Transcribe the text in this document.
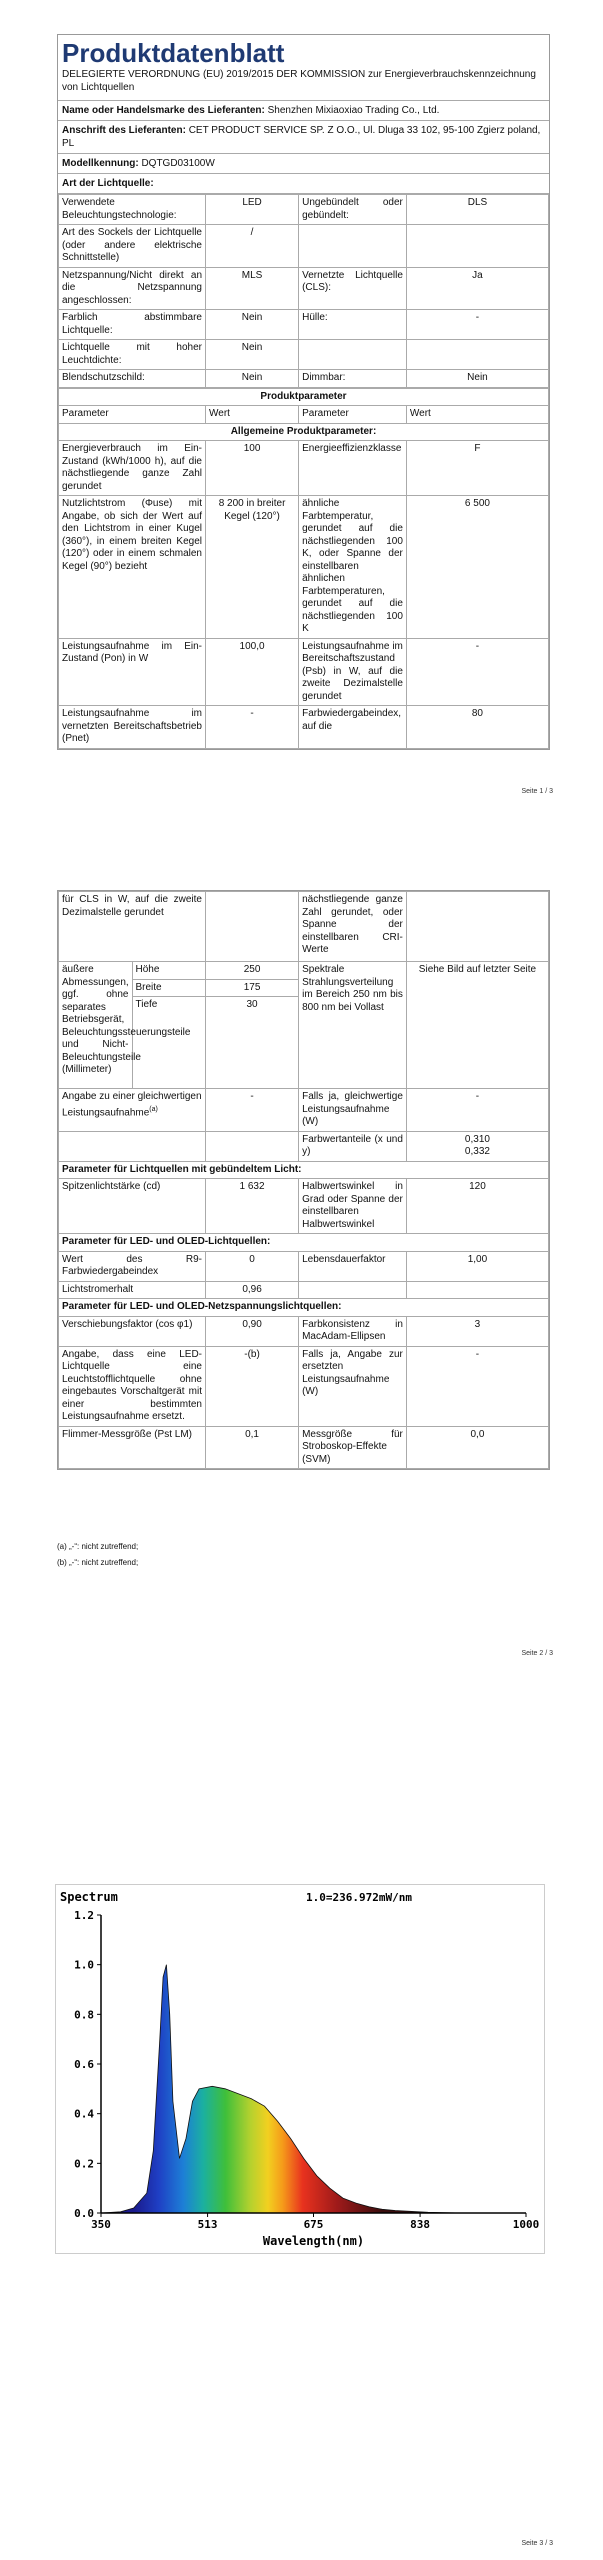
Produktdatenblatt
DELEGIERTE VERORDNUNG (EU) 2019/2015 DER KOMMISSION zur Energieverbrauchskennzeichnung von Lichtquellen
Name oder Handelsmarke des Lieferanten: Shenzhen Mixiaoxiao Trading Co., Ltd.
Anschrift des Lieferanten: CET PRODUCT SERVICE SP. Z O.O., Ul. Dluga 33 102, 95-100 Zgierz poland, PL
Modellkennung: DQTGD03100W
Art der Lichtquelle:
Verwendete Beleuchtungstechnologie:	LED	Ungebündelt oder gebündelt:	DLS
Art des Sockels der Lichtquelle (oder andere elektrische Schnittstelle)	/		
Netzspannung/Nicht direkt an die Netzspannung angeschlossen:	MLS	Vernetzte Lichtquelle (CLS):	Ja
Farblich abstimmbare Lichtquelle:	Nein	Hülle:	-
Lichtquelle mit hoher Leuchtdichte:	Nein		
Blendschutzschild:	Nein	Dimmbar:	Nein
Produktparameter			
Parameter	Wert	Parameter	Wert
Allgemeine Produktparameter:			
Energieverbrauch im Ein-Zustand (kWh/1000 h), auf die nächstliegende ganze Zahl gerundet	100	Energieeffizienzklasse	F
Nutzlichtstrom (Φuse) mit Angabe, ob sich der Wert auf den Lichtstrom in einer Kugel (360°), in einem breiten Kegel (120°) oder in einem schmalen Kegel (90°) bezieht	8 200 in breiter Kegel (120°)	ähnliche Farbtemperatur, gerundet auf die nächstliegenden 100 K, oder Spanne der einstellbaren ähnlichen Farbtemperaturen, gerundet auf die nächstliegenden 100 K	6 500
Leistungsaufnahme im Ein-Zustand (Pon) in W	100,0	Leistungsaufnahme im Bereitschaftszustand (Psb) in W, auf die zweite Dezimalstelle gerundet	-
Leistungsaufnahme im vernetzten Bereitschaftsbetrieb (Pnet)	-	Farbwiedergabeindex, auf die	80
Seite 1 / 3
für CLS in W, auf die zweite Dezimalstelle gerundet			nächstliegende ganze Zahl gerundet, oder Spanne der einstellbaren CRI-Werte	
äußere Abmessungen, ggf. ohne separates Betriebsgerät, Beleuchtungssteuerungsteile und Nicht-Beleuchtungsteile (Millimeter)	Höhe	250	Spektrale Strahlungsverteilung im Bereich 250 nm bis 800 nm bei Vollast	Siehe Bild auf letzter Seite
	Breite	175		
	Tiefe	30		
Angabe zu einer gleichwertigen Leistungsaufnahme$^{(a)}$		-	Falls ja, gleichwertige Leistungsaufnahme (W)	-
			Farbwertanteile (x und y)	0,310
0,332

Parameter für Lichtquellen mit gebündeltem Licht:				
Spitzenlichtstärke (cd)		1 632	Halbwertswinkel in Grad oder Spanne der einstellbaren Halbwertswinkel	120
Parameter für LED- und OLED-Lichtquellen:				
Wert des R9-Farbwiedergabeindex		0	Lebensdauerfaktor	1,00
Lichtstromerhalt		0,96		
Parameter für LED- und OLED-Netzspannungslichtquellen:				
Verschiebungsfaktor (cos φ1)		0,90	Farbkonsistenz in MacAdam-Ellipsen	3
Angabe, dass eine LED-Lichtquelle eine Leuchtstofflichtquelle ohne eingebautes Vorschaltgerät mit einer bestimmten Leistungsaufnahme ersetzt.		-(b)	Falls ja, Angabe zur ersetzten Leistungsaufnahme (W)	-
Flimmer-Messgröße (Pst LM)		0,1	Messgröße für Stroboskop-Effekte (SVM)	0,0
(a) „-“: nicht zutreffend;
(b) „-“: nicht zutreffend;
Seite 2 / 3
Spectrum	1.0=236.972mW/nm
0.0
0.2
0.4
0.6
0.8
1.0
1.2
350	513	675	838	1000
Wavelength(nm)
Seite 3 / 3
